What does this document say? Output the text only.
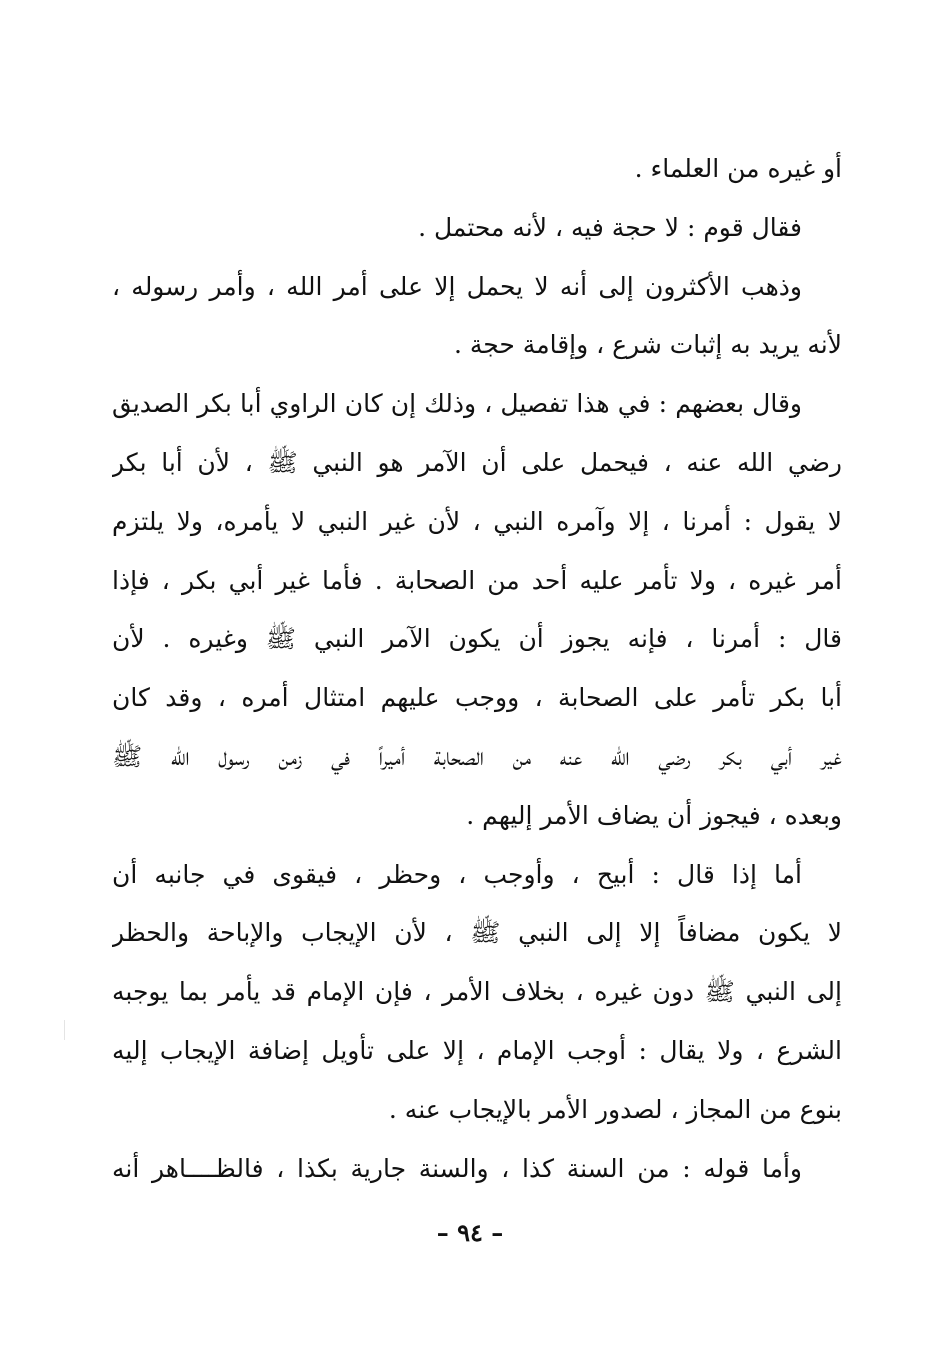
أو غيره من العلماء .
فقال قوم : لا حجة فيه ، لأنه محتمل .
وذهب الأكثرون إلى أنه لا يحمل إلا على أمر الله ، وأمر رسوله ،
لأنه يريد به إثبات شرع ، وإقامة حجة .
وقال بعضهم : في هذا تفصيل ، وذلك إن كان الراوي أبا بكر الصديق
رضي الله عنه ، فيحمل على أن الآمر هو النبي ﷺ ، لأن أبا بكر
لا يقول : أمرنا ، إلا وآمره النبي ، لأن غير النبي لا يأمره، ولا يلتزم
أمر غيره ، ولا تأمر عليه أحد من الصحابة . فأما غير أبي بكر ، فإذا
قال : أمرنا ، فإنه يجوز أن يكون الآمر النبي ﷺ وغيره . لأن
أبا بكر تأمر على الصحابة ، ووجب عليهم امتثال أمره ، وقد كان
غير أبي بكر رضي الله عنه من الصحابة أميراً في زمن رسول الله ﷺ
وبعده ، فيجوز أن يضاف الأمر إليهم .
أما إذا قال : أبيح ، وأوجب ، وحظر ، فيقوى في جانبه أن
لا يكون مضافاً إلا إلى النبي ﷺ ، لأن الإيجاب والإباحة والحظر
إلى النبي ﷺ دون غيره ، بخلاف الأمر ، فإن الإمام قد يأمر بما يوجبه
الشرع ، ولا يقال : أوجب الإمام ، إلا على تأويل إضافة الإيجاب إليه
بنوع من المجاز ، لصدور الأمر بالإيجاب عنه .
وأما قوله : من السنة كذا ، والسنة جارية بكذا ، فالظــــاهر أنه
– ٩٤ –
